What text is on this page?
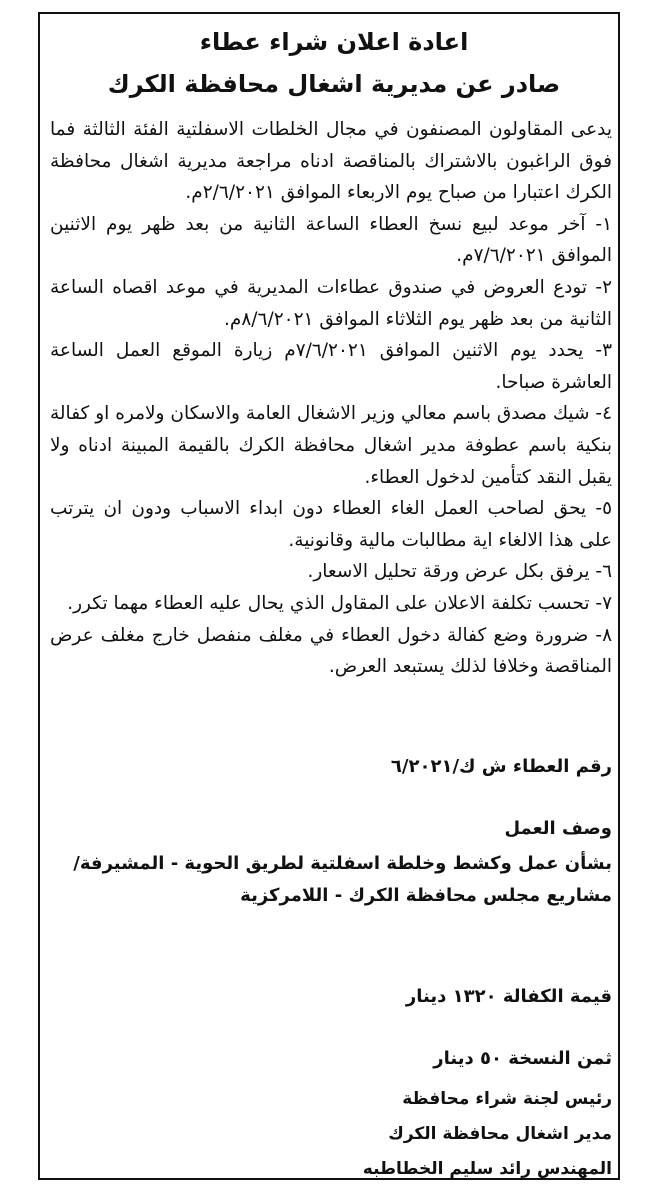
اعادة اعلان شراء عطاء
صادر عن مديرية اشغال محافظة الكرك

يدعى المقاولون المصنفون في مجال الخلطات الاسفلتية الفئة الثالثة فما فوق الراغبون بالاشتراك بالمناقصة ادناه مراجعة مديرية اشغال محافظة الكرك اعتبارا من صباح يوم الاربعاء الموافق ٢/٦/٢٠٢١م.

١- آخر موعد لبيع نسخ العطاء الساعة الثانية من بعد ظهر يوم الاثنين الموافق ٧/٦/٢٠٢١م.

٢- تودع العروض في صندوق عطاءات المديرية في موعد اقصاه الساعة الثانية من بعد ظهر يوم الثلاثاء الموافق ٨/٦/٢٠٢١م.

٣- يحدد يوم الاثنين الموافق ٧/٦/٢٠٢١م زيارة الموقع العمل الساعة العاشرة صباحا.

٤- شيك مصدق باسم معالي وزير الاشغال العامة والاسكان ولامره او كفالة بنكية باسم عطوفة مدير اشغال محافظة الكرك بالقيمة المبينة ادناه ولا يقبل النقد كتأمين لدخول العطاء.

٥- يحق لصاحب العمل الغاء العطاء دون ابداء الاسباب ودون ان يترتب على هذا الالغاء اية مطالبات مالية وقانونية.

٦- يرفق بكل عرض ورقة تحليل الاسعار.

٧- تحسب تكلفة الاعلان على المقاول الذي يحال عليه العطاء مهما تكرر.

٨- ضرورة وضع كفالة دخول العطاء في مغلف منفصل خارج مغلف عرض المناقصة وخلافا لذلك يستبعد العرض.

رقم العطاء ش ك/٦/٢٠٢١
وصف العمل
بشأن عمل وكشط وخلطة اسفلتية لطريق الحوية - المشيرفة/ مشاريع مجلس محافظة الكرك - اللامركزية
قيمة الكفالة ١٣٢٠ دينار
ثمن النسخة ٥٠ دينار
رئيس لجنة شراء محافظة
مدير اشغال محافظة الكرك
المهندس رائد سليم الخطاطبه
